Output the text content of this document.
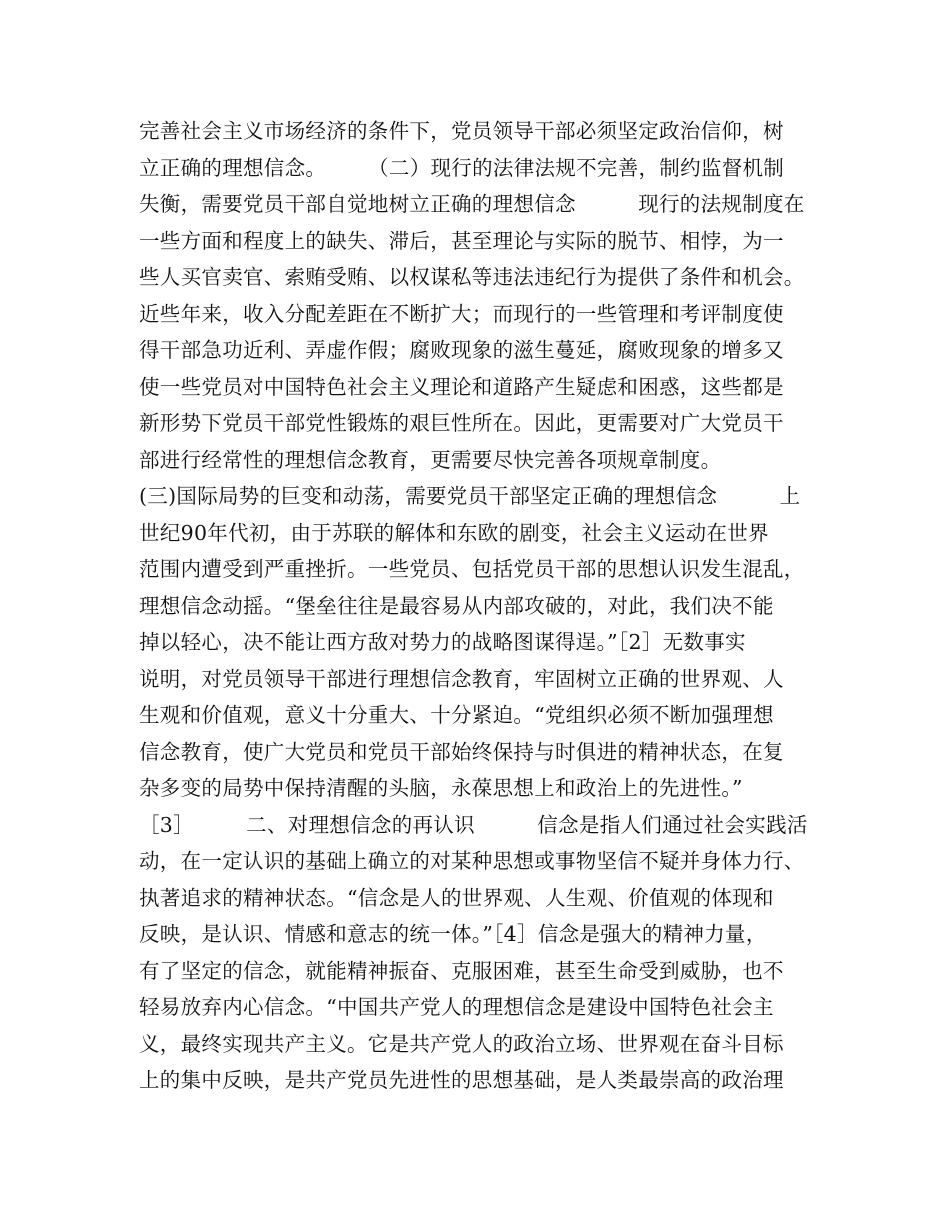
完善社会主义市场经济的条件下，党员领导干部必须坚定政治信仰，树
立正确的理想信念。　　　（二）现行的法律法规不完善，制约监督机制
失衡，需要党员干部自觉地树立正确的理想信念　　　现行的法规制度在
一些方面和程度上的缺失、滞后，甚至理论与实际的脱节、相悖，为一
些人买官卖官、索贿受贿、以权谋私等违法违纪行为提供了条件和机会。
近些年来，收入分配差距在不断扩大；而现行的一些管理和考评制度使
得干部急功近利、弄虚作假；腐败现象的滋生蔓延，腐败现象的增多又
使一些党员对中国特色社会主义理论和道路产生疑虑和困惑，这些都是
新形势下党员干部党性锻炼的艰巨性所在。因此，更需要对广大党员干
部进行经常性的理想信念教育，更需要尽快完善各项规章制度。
(三)国际局势的巨变和动荡，需要党员干部坚定正确的理想信念　　　上
世纪90年代初，由于苏联的解体和东欧的剧变，社会主义运动在世界
范围内遭受到严重挫折。一些党员、包括党员干部的思想认识发生混乱，
理想信念动摇。“堡垒往往是最容易从内部攻破的，对此，我们决不能
掉以轻心，决不能让西方敌对势力的战略图谋得逞。”［2］无数事实
说明，对党员领导干部进行理想信念教育，牢固树立正确的世界观、人
生观和价值观，意义十分重大、十分紧迫。“党组织必须不断加强理想
信念教育，使广大党员和党员干部始终保持与时俱进的精神状态，在复
杂多变的局势中保持清醒的头脑，永葆思想上和政治上的先进性。”
［3］　　　二、对理想信念的再认识　　　信念是指人们通过社会实践活
动，在一定认识的基础上确立的对某种思想或事物坚信不疑并身体力行、
执著追求的精神状态。“信念是人的世界观、人生观、价值观的体现和
反映，是认识、情感和意志的统一体。”［4］信念是强大的精神力量，
有了坚定的信念，就能精神振奋、克服困难，甚至生命受到威胁，也不
轻易放弃内心信念。“中国共产党人的理想信念是建设中国特色社会主
义，最终实现共产主义。它是共产党人的政治立场、世界观在奋斗目标
上的集中反映，是共产党员先进性的思想基础，是人类最崇高的政治理
